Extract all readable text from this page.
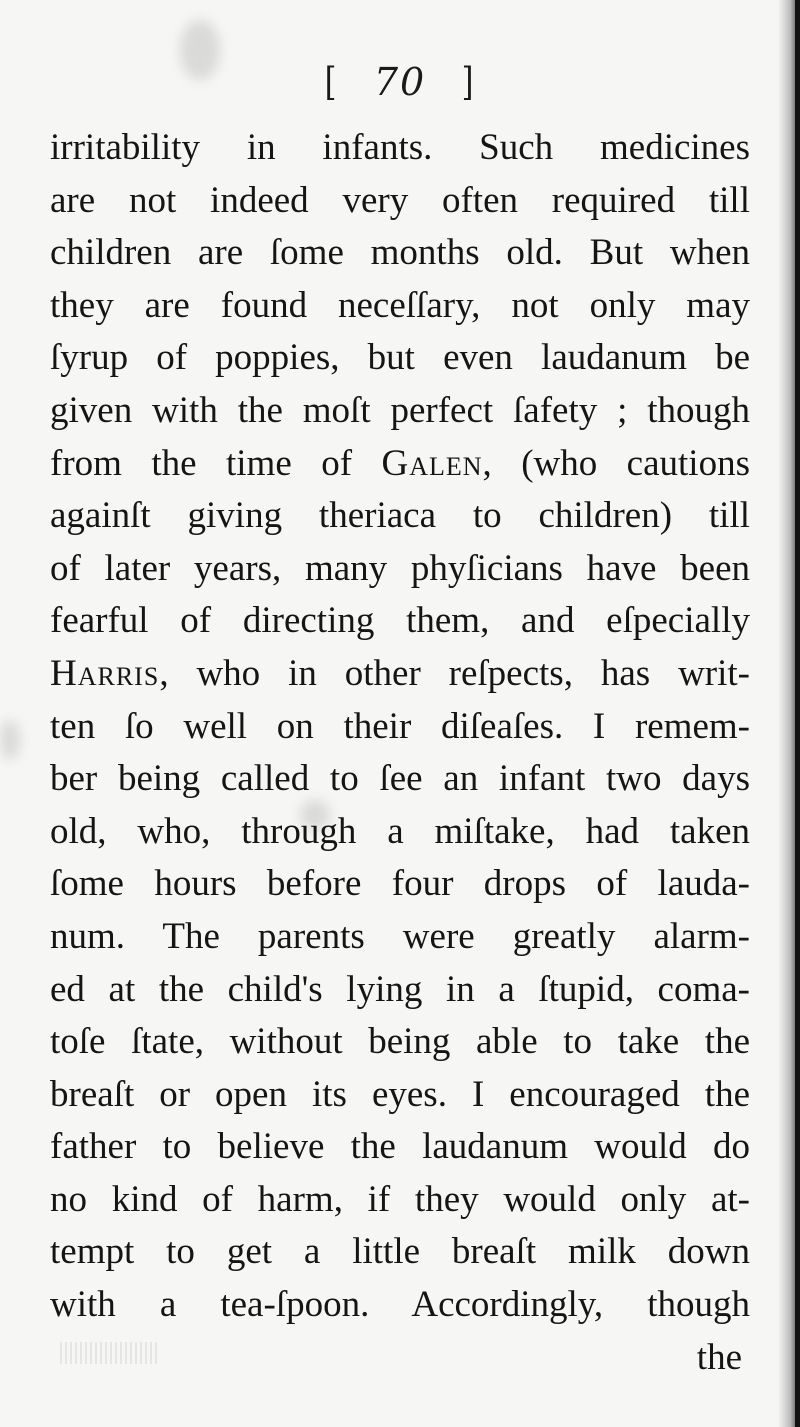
[ 70 ]
irritability in infants. Such medicines
are not indeed very often required till
children are ſome months old. But when
they are found neceſſary, not only may
ſyrup of poppies, but even laudanum be
given with the moſt perfect ſafety ; though
from the time of Galen, (who cautions
againſt giving theriaca to children) till
of later years, many phyſicians have been
fearful of directing them, and eſpecially
Harris, who in other reſpects, has writ-
ten ſo well on their diſeaſes. I remem-
ber being called to ſee an infant two days
old, who, through a miſtake, had taken
ſome hours before four drops of lauda-
num. The parents were greatly alarm-
ed at the child's lying in a ſtupid, coma-
toſe ſtate, without being able to take the
breaſt or open its eyes. I encouraged the
father to believe the laudanum would do
no kind of harm, if they would only at-
tempt to get a little breaſt milk down
with a tea-ſpoon. Accordingly, though
the
